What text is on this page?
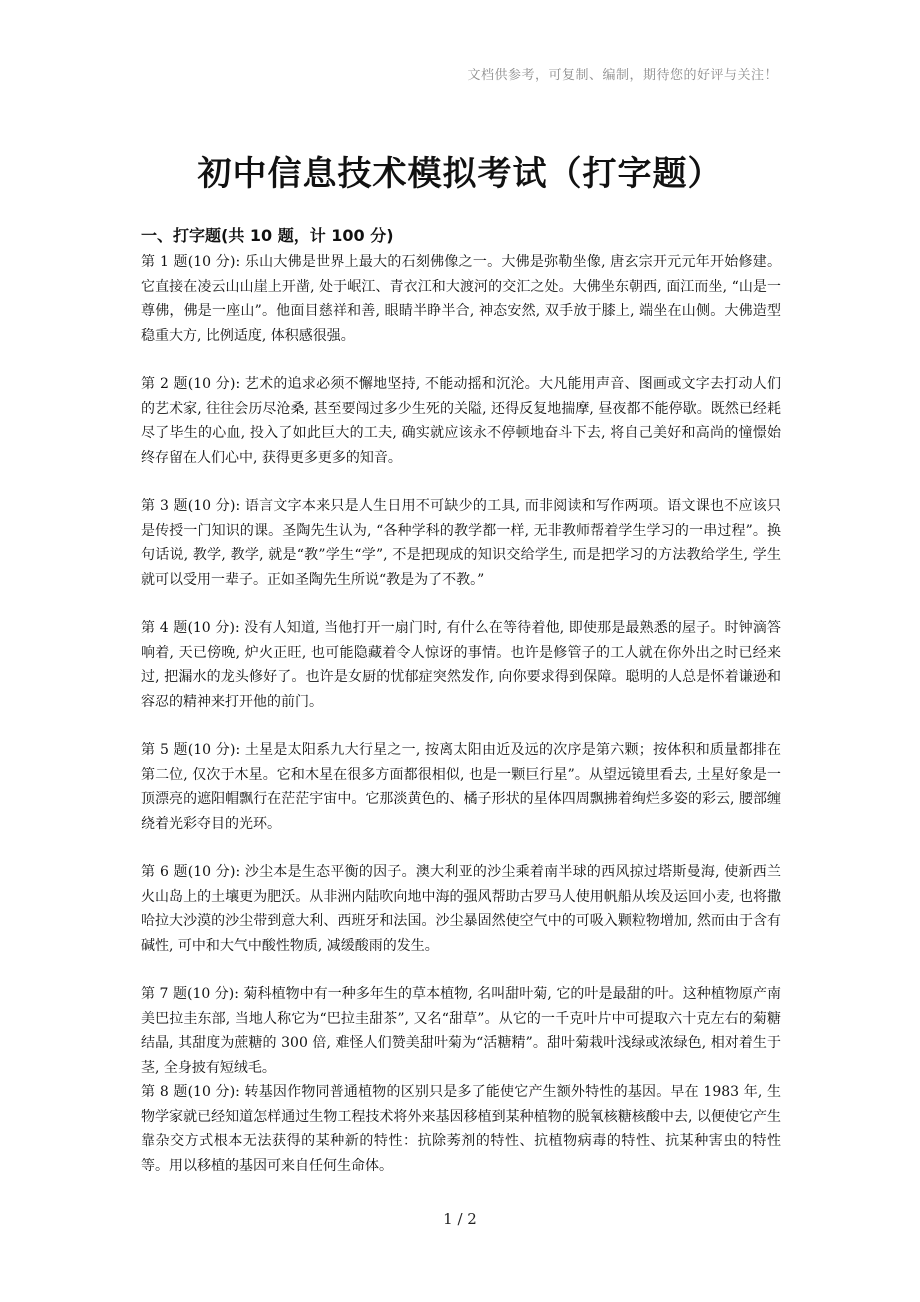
文档供参考，可复制、编制，期待您的好评与关注！
初中信息技术模拟考试（打字题）
一、打字题(共 10 题，计 100 分)

第 1 题(10 分): 乐山大佛是世界上最大的石刻佛像之一。大佛是弥勒坐像, 唐玄宗开元元年开始修建。它直接在凌云山山崖上开凿, 处于岷江、青衣江和大渡河的交汇之处。大佛坐东朝西, 面江而坐, “山是一尊佛，佛是一座山”。他面目慈祥和善, 眼睛半睁半合, 神态安然, 双手放于膝上, 端坐在山侧。大佛造型稳重大方, 比例适度, 体积感很强。

第 2 题(10 分): 艺术的追求必须不懈地坚持, 不能动摇和沉沦。大凡能用声音、图画或文字去打动人们的艺术家, 往往会历尽沧桑, 甚至要闯过多少生死的关隘, 还得反复地揣摩, 昼夜都不能停歇。既然已经耗尽了毕生的心血, 投入了如此巨大的工夫, 确实就应该永不停顿地奋斗下去, 将自己美好和高尚的憧憬始终存留在人们心中, 获得更多更多的知音。

第 3 题(10 分): 语言文字本来只是人生日用不可缺少的工具, 而非阅读和写作两项。语文课也不应该只是传授一门知识的课。圣陶先生认为, “各种学科的教学都一样, 无非教师帮着学生学习的一串过程”。换句话说, 教学, 教学, 就是“教”学生“学”, 不是把现成的知识交给学生, 而是把学习的方法教给学生, 学生就可以受用一辈子。正如圣陶先生所说“教是为了不教。”

第 4 题(10 分): 没有人知道, 当他打开一扇门时, 有什么在等待着他, 即使那是最熟悉的屋子。时钟滴答响着, 天已傍晚, 炉火正旺, 也可能隐藏着令人惊讶的事情。也许是修管子的工人就在你外出之时已经来过, 把漏水的龙头修好了。也许是女厨的忧郁症突然发作, 向你要求得到保障。聪明的人总是怀着谦逊和容忍的精神来打开他的前门。

第 5 题(10 分): 土星是太阳系九大行星之一, 按离太阳由近及远的次序是第六颗；按体积和质量都排在第二位, 仅次于木星。它和木星在很多方面都很相似, 也是一颗巨行星”。从望远镜里看去, 土星好象是一顶漂亮的遮阳帽飘行在茫茫宇宙中。它那淡黄色的、橘子形状的星体四周飘拂着绚烂多姿的彩云, 腰部缠绕着光彩夺目的光环。

第 6 题(10 分): 沙尘本是生态平衡的因子。澳大利亚的沙尘乘着南半球的西风掠过塔斯曼海, 使新西兰火山岛上的土壤更为肥沃。从非洲内陆吹向地中海的强风帮助古罗马人使用帆船从埃及运回小麦, 也将撒哈拉大沙漠的沙尘带到意大利、西班牙和法国。沙尘暴固然使空气中的可吸入颗粒物增加, 然而由于含有碱性, 可中和大气中酸性物质, 减缓酸雨的发生。

第 7 题(10 分): 菊科植物中有一种多年生的草本植物, 名叫甜叶菊, 它的叶是最甜的叶。这种植物原产南美巴拉圭东部, 当地人称它为“巴拉圭甜茶”, 又名“甜草”。从它的一千克叶片中可提取六十克左右的菊糖结晶, 其甜度为蔗糖的 300 倍, 难怪人们赞美甜叶菊为“活糖精”。甜叶菊栽叶浅绿或浓绿色, 相对着生于茎, 全身披有短绒毛。

第 8 题(10 分): 转基因作物同普通植物的区别只是多了能使它产生额外特性的基因。早在 1983 年, 生物学家就已经知道怎样通过生物工程技术将外来基因移植到某种植物的脱氧核糖核酸中去, 以便使它产生靠杂交方式根本无法获得的某种新的特性：抗除莠剂的特性、抗植物病毒的特性、抗某种害虫的特性等。用以移植的基因可来自任何生命体。

1 / 2
